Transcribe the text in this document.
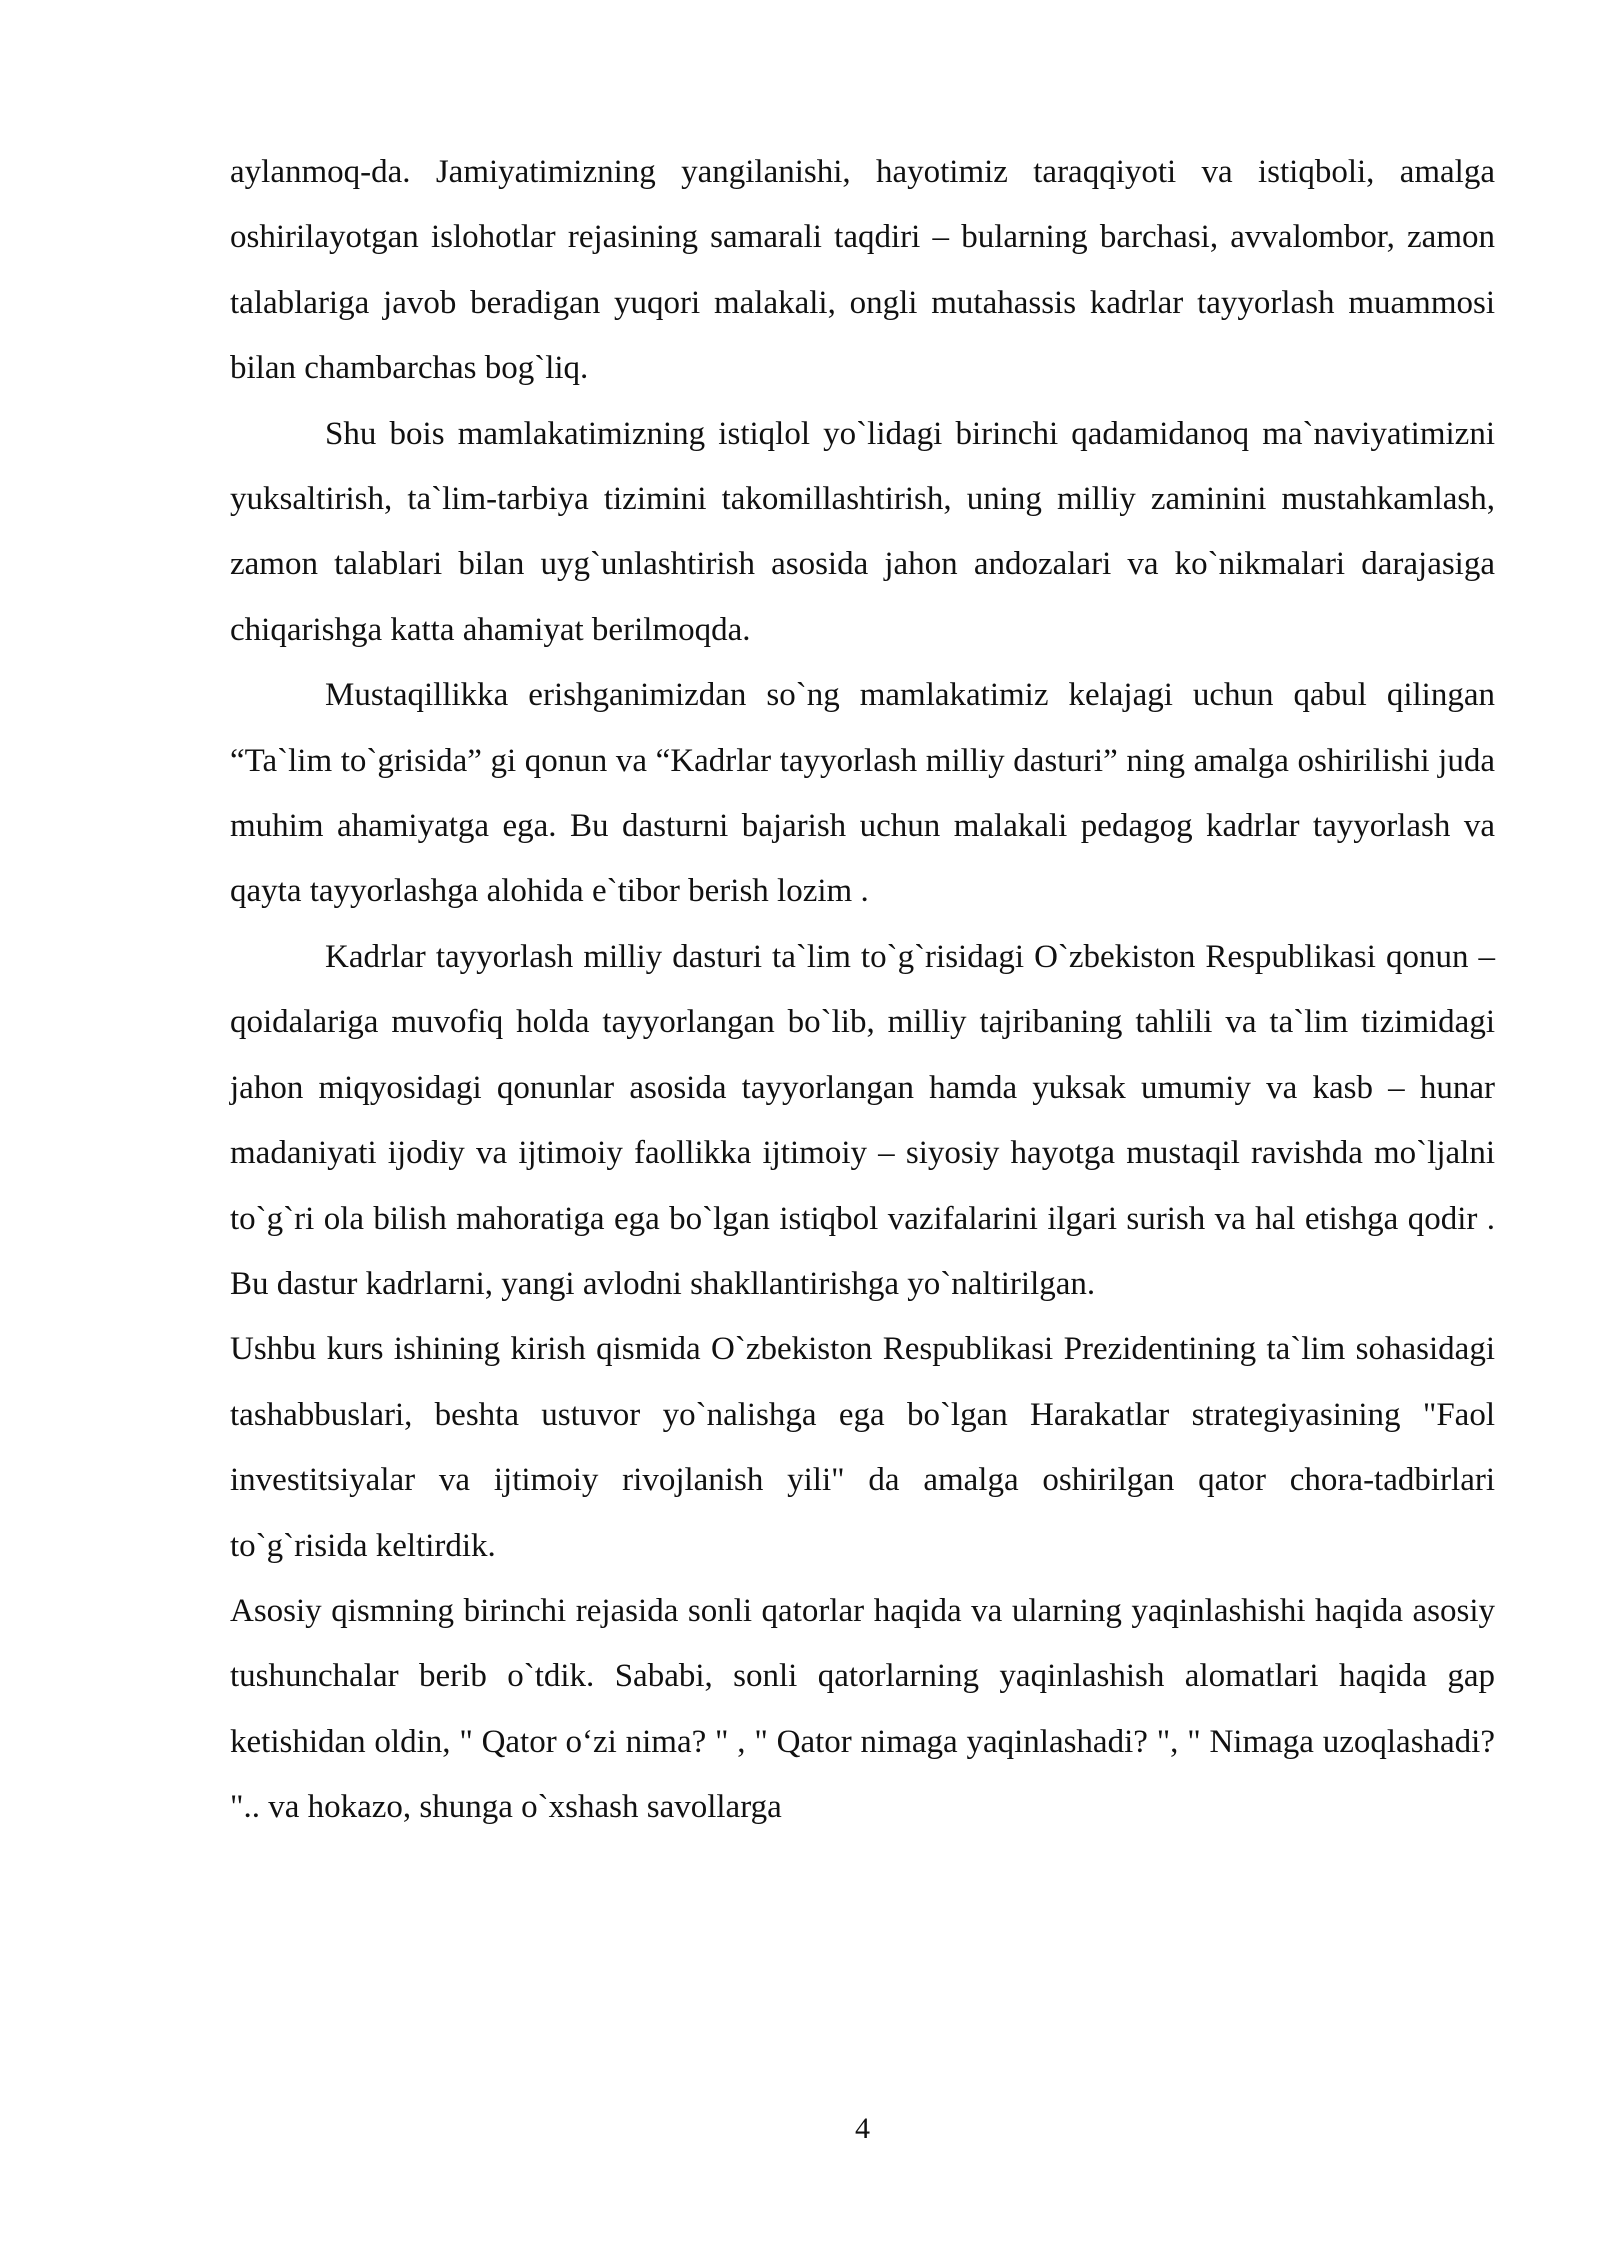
aylanmoq-da. Jamiyatimizning yangilanishi, hayotimiz taraqqiyoti va istiqboli, amalga oshirilayotgan islohotlar rejasining samarali taqdiri – bularning barchasi, avvalombor, zamon talablariga javob beradigan yuqori malakali, ongli mutahassis kadrlar tayyorlash muammosi bilan chambarchas bog`liq.

Shu bois mamlakatimizning istiqlol yo`lidagi birinchi qadamidanoq ma`naviyatimizni yuksaltirish, ta`lim-tarbiya tizimini takomillashtirish, uning milliy zaminini mustahkamlash, zamon talablari bilan uyg`unlashtirish asosida jahon andozalari va ko`nikmalari darajasiga chiqarishga katta ahamiyat berilmoqda.

Mustaqillikka erishganimizdan so`ng mamlakatimiz kelajagi uchun qabul qilingan “Ta`lim to`grisida” gi qonun va “Kadrlar tayyorlash milliy dasturi” ning amalga oshirilishi juda muhim ahamiyatga ega. Bu dasturni bajarish uchun malakali pedagog kadrlar tayyorlash va qayta tayyorlashga alohida e`tibor berish lozim .

Kadrlar tayyorlash milliy dasturi ta`lim to`g`risidagi O`zbekiston Respublikasi qonun – qoidalariga muvofiq holda tayyorlangan bo`lib, milliy tajribaning tahlili va ta`lim tizimidagi jahon miqyosidagi qonunlar asosida tayyorlangan hamda yuksak umumiy va kasb – hunar madaniyati ijodiy va ijtimoiy faollikka ijtimoiy – siyosiy hayotga mustaqil ravishda mo`ljalni to`g`ri ola bilish mahoratiga ega bo`lgan istiqbol vazifalarini ilgari surish va hal etishga qodir . Bu dastur kadrlarni, yangi avlodni shakllantirishga yo`naltirilgan.

Ushbu kurs ishining kirish qismida O`zbekiston Respublikasi Prezidentining ta`lim sohasidagi tashabbuslari, beshta ustuvor yo`nalishga ega bo`lgan Harakatlar strategiyasining "Faol investitsiyalar va ijtimoiy rivojlanish yili" da amalga oshirilgan qator chora-tadbirlari to`g`risida keltirdik.

Asosiy qismning birinchi rejasida sonli qatorlar haqida va ularning yaqinlashishi haqida asosiy tushunchalar berib o`tdik. Sababi, sonli qatorlarning yaqinlashish alomatlari haqida gap ketishidan oldin, " Qator o‘zi nima? " , " Qator nimaga yaqinlashadi? ", " Nimaga uzoqlashadi? ".. va hokazo, shunga o`xshash savollarga

4
